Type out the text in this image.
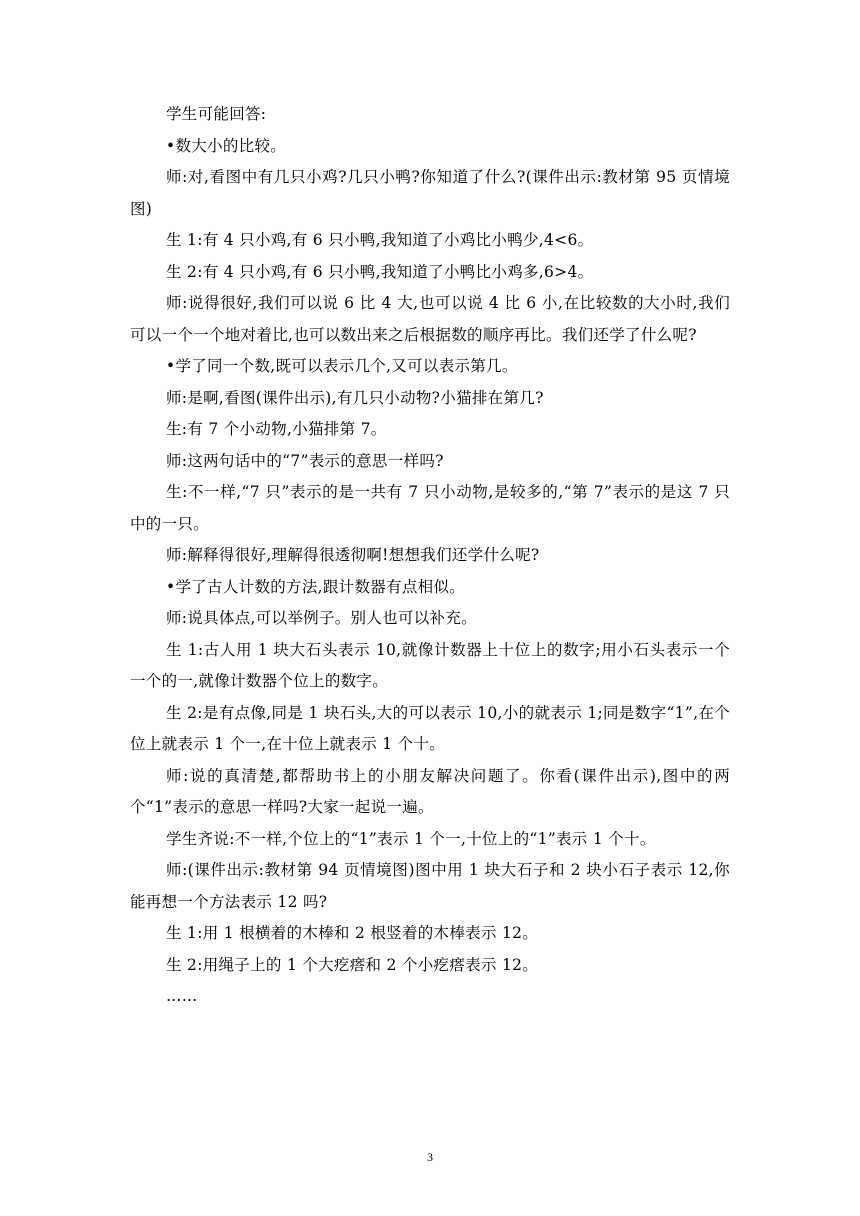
学生可能回答:

•数大小的比较。

师:对,看图中有几只小鸡?几只小鸭?你知道了什么?(课件出示:教材第 95 页情境图)

生 1:有 4 只小鸡,有 6 只小鸭,我知道了小鸡比小鸭少,4<6。

生 2:有 4 只小鸡,有 6 只小鸭,我知道了小鸭比小鸡多,6>4。

师:说得很好,我们可以说 6 比 4 大,也可以说 4 比 6 小,在比较数的大小时,我们可以一个一个地对着比,也可以数出来之后根据数的顺序再比。我们还学了什么呢?

•学了同一个数,既可以表示几个,又可以表示第几。

师:是啊,看图(课件出示),有几只小动物?小猫排在第几?

生:有 7 个小动物,小猫排第 7。

师:这两句话中的“7”表示的意思一样吗?

生:不一样,“7 只”表示的是一共有 7 只小动物,是较多的,“第 7”表示的是这 7 只中的一只。

师:解释得很好,理解得很透彻啊!想想我们还学什么呢?

•学了古人计数的方法,跟计数器有点相似。

师:说具体点,可以举例子。别人也可以补充。

生 1:古人用 1 块大石头表示 10,就像计数器上十位上的数字;用小石头表示一个一个的一,就像计数器个位上的数字。

生 2:是有点像,同是 1 块石头,大的可以表示 10,小的就表示 1;同是数字“1”,在个位上就表示 1 个一,在十位上就表示 1 个十。

师:说的真清楚,都帮助书上的小朋友解决问题了。你看(课件出示),图中的两个“1”表示的意思一样吗?大家一起说一遍。

学生齐说:不一样,个位上的“1”表示 1 个一,十位上的“1”表示 1 个十。

师:(课件出示:教材第 94 页情境图)图中用 1 块大石子和 2 块小石子表示 12,你能再想一个方法表示 12 吗?

生 1:用 1 根横着的木棒和 2 根竖着的木棒表示 12。

生 2:用绳子上的 1 个大疙瘩和 2 个小疙瘩表示 12。

……

3
